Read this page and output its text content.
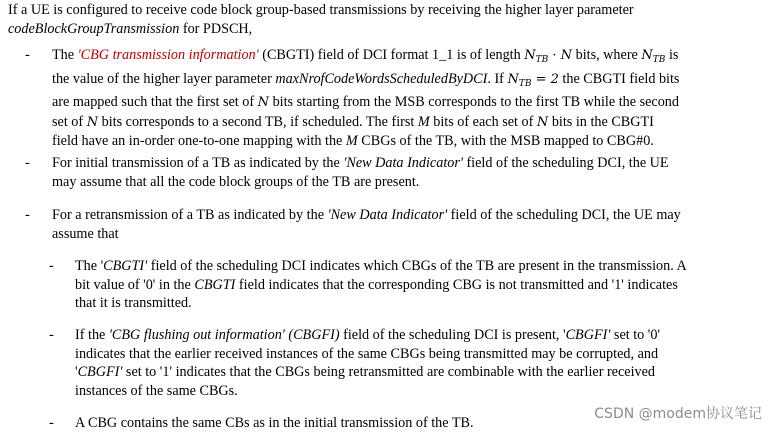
If a UE is configured to receive code block group-based transmissions by receiving the higher layer parameter
codeBlockGroupTransmission for PDSCH,
- The 'CBG transmission information' (CBGTI) field of DCI format 1_1 is of length $N_{TB} \cdot N$ bits, where $N_{TB}$ is
the value of the higher layer parameter maxNrofCodeWordsScheduledByDCI. If $N_{TB} = 2$ the CBGTI field bits
are mapped such that the first set of N bits starting from the MSB corresponds to the first TB while the second
set of N bits corresponds to a second TB, if scheduled. The first M bits of each set of N bits in the CBGTI
field have an in-order one-to-one mapping with the M CBGs of the TB, with the MSB mapped to CBG#0.
- For initial transmission of a TB as indicated by the 'New Data Indicator' field of the scheduling DCI, the UE
may assume that all the code block groups of the TB are present.
- For a retransmission of a TB as indicated by the 'New Data Indicator' field of the scheduling DCI, the UE may
assume that
- The 'CBGTI' field of the scheduling DCI indicates which CBGs of the TB are present in the transmission. A
bit value of '0' in the CBGTI field indicates that the corresponding CBG is not transmitted and '1' indicates
that it is transmitted.
- If the 'CBG flushing out information' (CBGFI) field of the scheduling DCI is present, 'CBGFI' set to '0'
indicates that the earlier received instances of the same CBGs being transmitted may be corrupted, and
'CBGFI' set to '1' indicates that the CBGs being retransmitted are combinable with the earlier received
instances of the same CBGs.
- A CBG contains the same CBs as in the initial transmission of the TB.
CSDN @modem协议笔记
